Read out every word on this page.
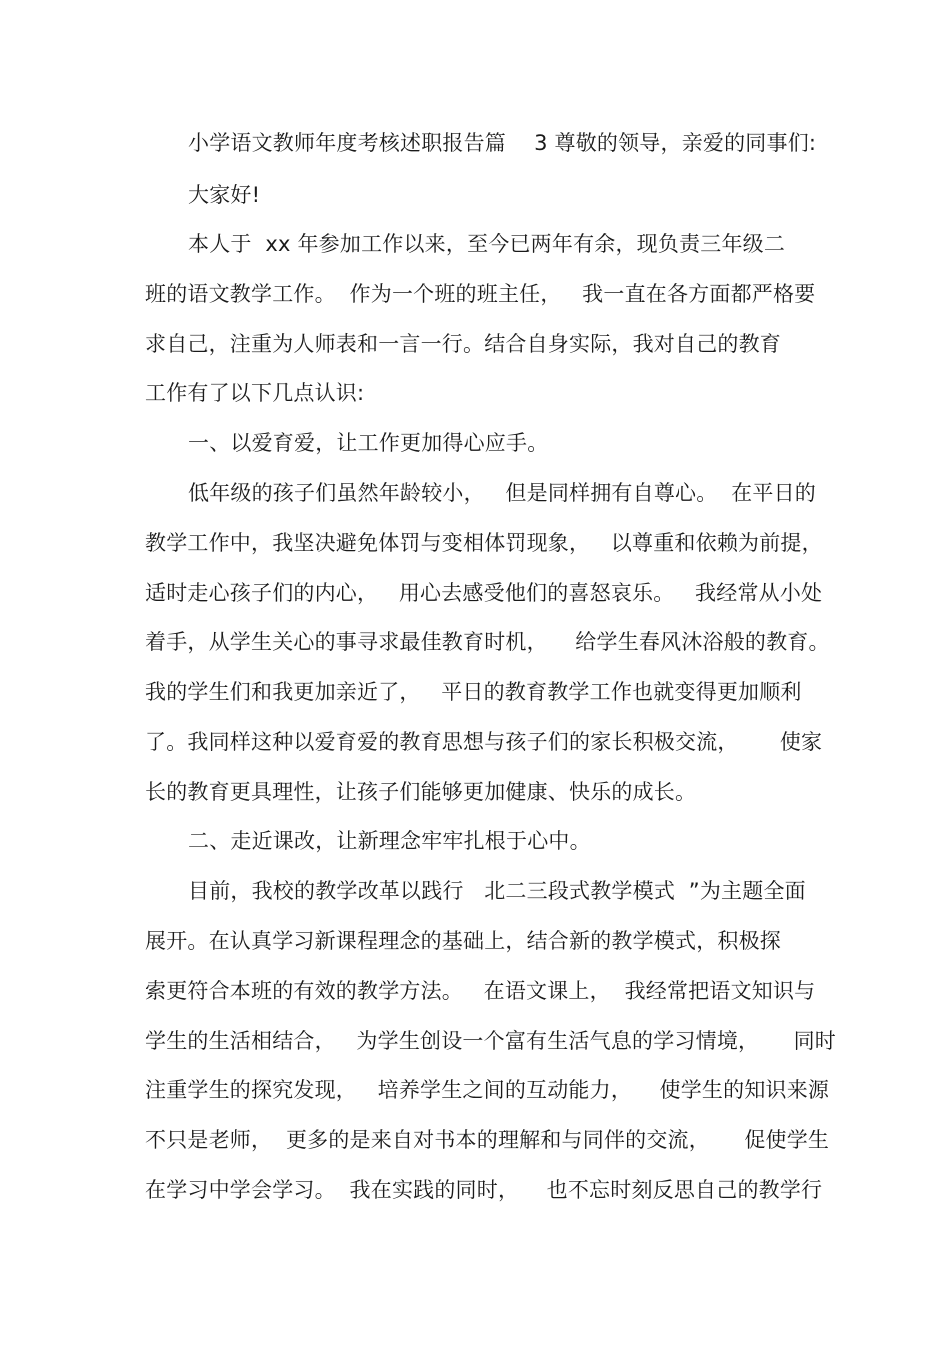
小学语文教师年度考核述职报告篇　 3 尊敬的领导，亲爱的同事们:
大家好!
本人于  xx 年参加工作以来，至今已两年有余，现负责三年级二
班的语文教学工作。  作为一个班的班主任，   我一直在各方面都严格要
求自己，注重为人师表和一言一行。结合自身实际，我对自己的教育
工作有了以下几点认识:
一、以爱育爱，让工作更加得心应手。
低年级的孩子们虽然年龄较小，   但是同样拥有自尊心。  在平日的
教学工作中，我坚决避免体罚与变相体罚现象，   以尊重和依赖为前提，
适时走心孩子们的内心，   用心去感受他们的喜怒哀乐。   我经常从小处
着手，从学生关心的事寻求最佳教育时机，    给学生春风沐浴般的教育。
我的学生们和我更加亲近了，   平日的教育教学工作也就变得更加顺利
了。我同样这种以爱育爱的教育思想与孩子们的家长积极交流，      使家
长的教育更具理性，让孩子们能够更加健康、快乐的成长。
二、走近课改，让新理念牢牢扎根于心中。
目前，我校的教学改革以践行   北二三段式教学模式  ”为主题全面
展开。在认真学习新课程理念的基础上，结合新的教学模式，积极探
索更符合本班的有效的教学方法。   在语文课上，  我经常把语文知识与
学生的生活相结合，   为学生创设一个富有生活气息的学习情境，     同时
注重学生的探究发现，   培养学生之间的互动能力，    使学生的知识来源
不只是老师，  更多的是来自对书本的理解和与同伴的交流，     促使学生
在学习中学会学习。  我在实践的同时，    也不忘时刻反思自己的教学行
